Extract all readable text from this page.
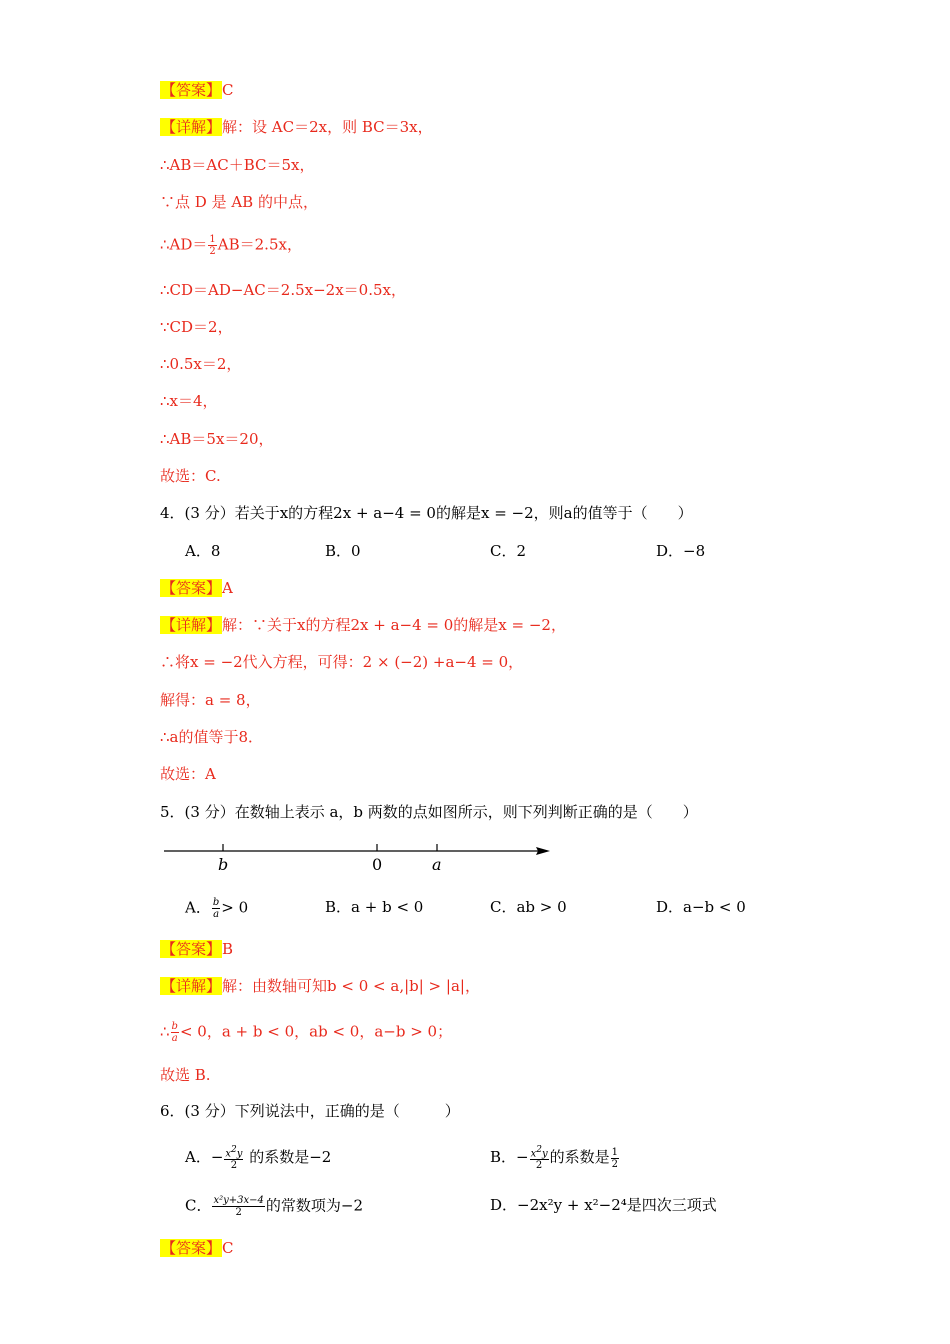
【答案】C
【详解】解：设 AC＝2x，则 BC＝3x，
∴AB＝AC＋BC＝5x，
∵点 D 是 AB 的中点，
∴AD＝ $\frac{1}{2} AB=2.5x$，
∴CD＝AD−AC＝2.5x−2x＝0.5x，
∵CD＝2，
∴0.5x＝2，
∴x＝4，
∴AB＝5x＝20，
故选：C.
4．(3 分）若关于x的方程2x + a−4 = 0的解是x = −2，则a的值等于（　　）
A．8	B．0	C．2	D．−8
【答案】A
【详解】解：∵关于x的方程2x + a−4 = 0的解是x = −2，
∴将x = −2代入方程，可得：2 × (−2) +a−4 = 0，
解得：a = 8，
∴a的值等于8．
故选：A
5．(3 分）在数轴上表示 a，b 两数的点如图所示，则下列判断正确的是（　　）
b	0	a
A． $\frac{b}{a} > 0$	B．a + b < 0	C．ab > 0	D．a−b < 0
【答案】B
【详解】解：由数轴可知b < 0 < a,|b| > |a|，
∴ $\frac{b}{a} < 0$，a + b < 0，ab < 0，a−b > 0；
故选 B.
6．(3 分）下列说法中，正确的是（　　　）
A．− $\frac{x^2y}{2}$ 的系数是−2	B．− $\frac{x^2y}{2}$ 的系数是 $\frac{1}{2}$
C． $\frac{\text{x²y+3x−4}}{2}$ 的常数项为−2	D．−2x²y + x²−2⁴是四次三项式
【答案】C
